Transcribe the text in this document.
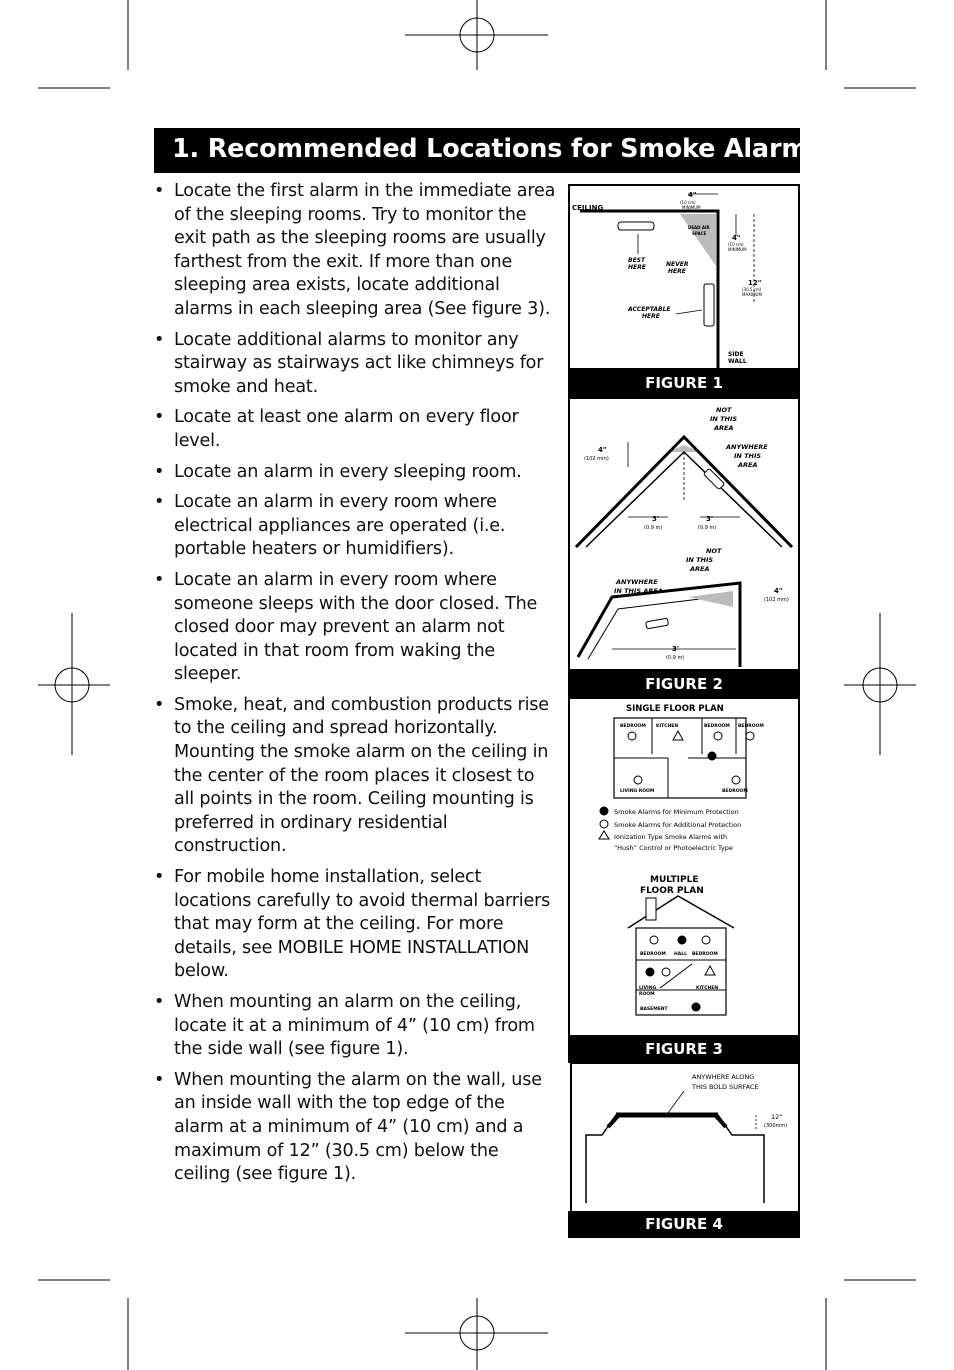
1. Recommended Locations for Smoke Alarms
• Locate the first alarm in the immediate area of the sleeping rooms. Try to monitor the exit path as the sleeping rooms are usually farthest from the exit. If more than one sleeping area exists, locate additional alarms in each sleeping area (See figure 3).
• Locate additional alarms to monitor any stairway as stairways act like chimneys for smoke and heat.
• Locate at least one alarm on every floor level.
• Locate an alarm in every sleeping room.
• Locate an alarm in every room where electrical appliances are operated (i.e. portable heaters or humidifiers).
• Locate an alarm in every room where someone sleeps with the door closed. The closed door may prevent an alarm not located in that room from waking the sleeper.
• Smoke, heat, and combustion products rise to the ceiling and spread horizontally. Mounting the smoke alarm on the ceiling in the center of the room places it closest to all points in the room. Ceiling mounting is preferred in ordinary residential construction.
• For mobile home installation, select locations carefully to avoid thermal barriers that may form at the ceiling. For more details, see MOBILE HOME INSTALLATION below.
• When mounting an alarm on the ceiling, locate it at a minimum of 4” (10 cm) from the side wall (see figure 1).
• When mounting the alarm on the wall, use an inside wall with the top edge of the alarm at a minimum of 4” (10 cm) and a maximum of 12” (30.5 cm) below the ceiling (see figure 1).
CEILING
4"
(10 cm)
MINIMUM
DEAD AIR
SPACE
4"
(10 cm)
MINIMUM
12"
(30.5 cm)
MAXIMUM
BEST
HERE	NEVER
HERE
ACCEPTABLE
HERE
SIDE
WALL
FIGURE 1
NOT
IN THIS
AREA
ANYWHERE
IN THIS
AREA
4"
(102 mm)
3'
(0.9 m)
3'
(0.9 m)
NOT
IN THIS
AREA
ANYWHERE
IN THIS AREA	4"
(102 mm)
3'
(0.9 m)
FIGURE 2
SINGLE FLOOR PLAN
BEDROOM KITCHEN	BEDROOM BEDROOM
LIVING ROOM	BEDROOM
Smoke Alarms for Minimum Protection
Smoke Alarms for Additional Protection
Ionization Type Smoke Alarms with
“Hush” Control or Photoelectric Type
MULTIPLE
FLOOR PLAN
BEDROOM HALL BEDROOM
LIVING
ROOM
KITCHEN
BASEMENT
FIGURE 3
ANYWHERE ALONG
THIS BOLD SURFACE
12”
(300mm)
FIGURE 4
